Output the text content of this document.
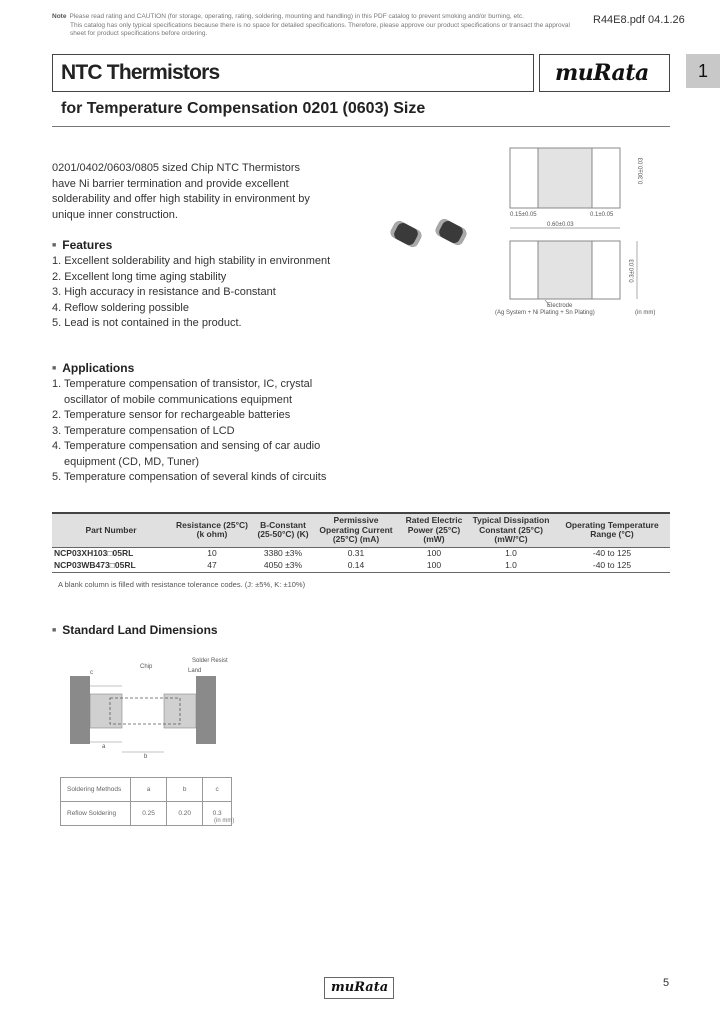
Note Please read rating and CAUTION (for storage, operating, rating, soldering, mounting and handling) in this PDF catalog to prevent smoking and/or burning, etc.
This catalog has only typical specifications because there is no space for detailed specifications. Therefore, please approve our product specifications or transact the approval sheet for product specifications before ordering.
R44E8.pdf 04.1.26
NTC Thermistors	muRata	1
for Temperature Compensation 0201 (0603) Size

0201/0402/0603/0805 sized Chip NTC Thermistors have Ni barrier termination and provide excellent solderability and offer high stability in environment by unique inner construction.

0.30±0.03
0.15±0.05	0.1±0.05
0.60±0.03
0.3±0.03
Electrode
(Ag System + Ni Plating + Sn Plating)	(in mm)
■ Features
1. Excellent solderability and high stability in environment
2. Excellent long time aging stability
3. High accuracy in resistance and B-constant
4. Reflow soldering possible
5. Lead is not contained in the product.
■ Applications
1. Temperature compensation of transistor, IC, crystal oscillator of mobile communications equipment
2. Temperature sensor for rechargeable batteries
3. Temperature compensation of LCD
4. Temperature compensation and sensing of car audio equipment (CD, MD, Tuner)
5. Temperature compensation of several kinds of circuits
Part Number	Resistance (25°C) (k ohm)	B-Constant (25-50°C) (K)	Permissive Operating Current (25°C) (mA)	Rated Electric Power (25°C) (mW)	Typical Dissipation Constant (25°C) (mW/°C)	Operating Temperature Range (°C)
NCP03XH103□05RL	10	3380 ±3%	0.31	100	1.0	-40 to 125
NCP03WB473□05RL	47	4050 ±3%	0.14	100	1.0	-40 to 125
A blank column is filled with resistance tolerance codes. (J: ±5%, K: ±10%)
■ Standard Land Dimensions
Chip
Solder Resist
Land
c
a
b
Soldering Methods	a	b	c
Reflow Soldering	0.25	0.20	0.3
(in mm)
muRata	5
